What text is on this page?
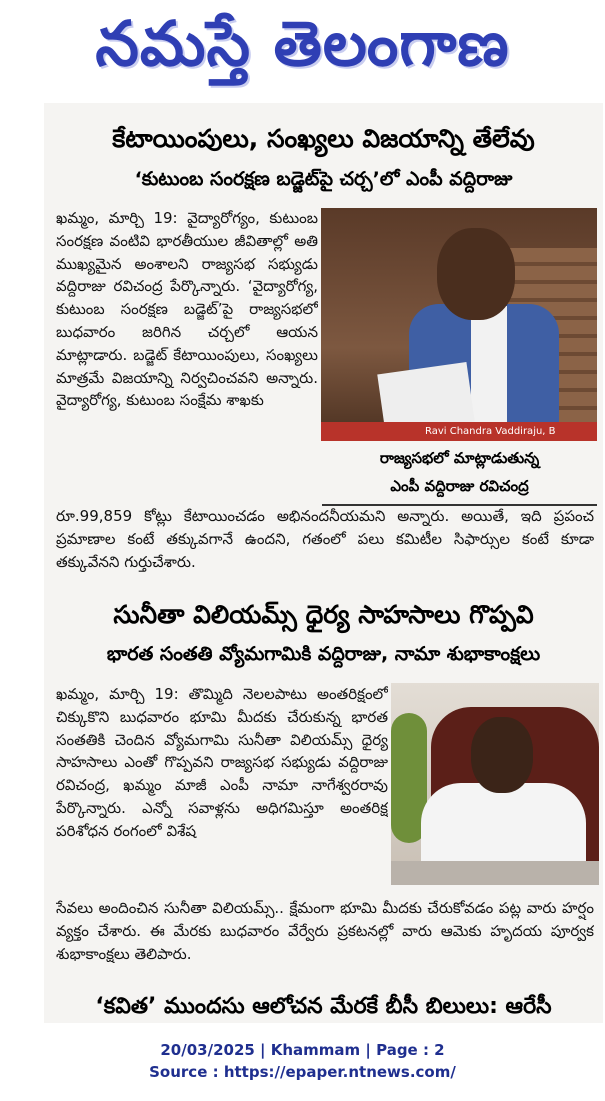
నమస్తే తెలంగాణ
కేటాయింపులు, సంఖ్యలు విజయాన్ని తేలేవు
‘కుటుంబ సంరక్షణ బడ్జెట్‌పై చర్చ’లో ఎంపీ వద్దిరాజు
ఖమ్మం, మార్చి 19: వైద్యారోగ్యం, కుటుంబ సంరక్షణ వంటివి భారతీయుల జీవితాల్లో అతి ముఖ్యమైన అంశాలని రాజ్యసభ సభ్యుడు వద్దిరాజు రవిచంద్ర పేర్కొన్నారు. ‘వైద్యారోగ్య, కుటుంబ సంరక్షణ బడ్జెట్’పై రాజ్యసభలో బుధవారం జరిగిన చర్చలో ఆయన మాట్లాడారు. బడ్జెట్ కేటాయింపులు, సంఖ్యలు మాత్రమే విజయాన్ని నిర్వచించవని అన్నారు. వైద్యారోగ్య, కుటుంబ సంక్షేమ శాఖకు
Ravi Chandra Vaddiraju, B
రాజ్యసభలో మాట్లాడుతున్న
ఎంపీ వద్దిరాజు రవిచంద్ర
రూ.99,859 కోట్లు కేటాయించడం అభినందనీయమని అన్నారు. అయితే, ఇది ప్రపంచ ప్రమాణాల కంటే తక్కువగానే ఉందని, గతంలో పలు కమిటీల సిఫార్సుల కంటే కూడా తక్కువేనని గుర్తుచేశారు.
సునీతా విలియమ్స్ ధైర్య సాహసాలు గొప్పవి
భారత సంతతి వ్యోమగామికి వద్దిరాజు, నామా శుభాకాంక్షలు
ఖమ్మం, మార్చి 19: తొమ్మిది నెలలపాటు అంతరిక్షంలో చిక్కుకొని బుధవారం భూమి మీదకు చేరుకున్న భారత సంతతికి చెందిన వ్యోమగామి సునీతా విలియమ్స్ ధైర్య సాహసాలు ఎంతో గొప్పవని రాజ్యసభ సభ్యుడు వద్దిరాజు రవిచంద్ర, ఖమ్మం మాజీ ఎంపీ నామా నాగేశ్వరరావు పేర్కొన్నారు. ఎన్నో సవాళ్లను అధిగమిస్తూ అంతరిక్ష పరిశోధన రంగంలో విశేష
సేవలు అందించిన సునీతా విలియమ్స్.. క్షేమంగా భూమి మీదకు చేరుకోవడం పట్ల వారు హర్షం వ్యక్తం చేశారు. ఈ మేరకు బుధవారం వేర్వేరు ప్రకటనల్లో వారు ఆమెకు హృదయ పూర్వక శుభాకాంక్షలు తెలిపారు.
‘కవిత’ ముందసు ఆలోచన మేరకే బీసీ బిలులు: ఆరేసీ
20/03/2025 | Khammam | Page : 2
Source : https://epaper.ntnews.com/
